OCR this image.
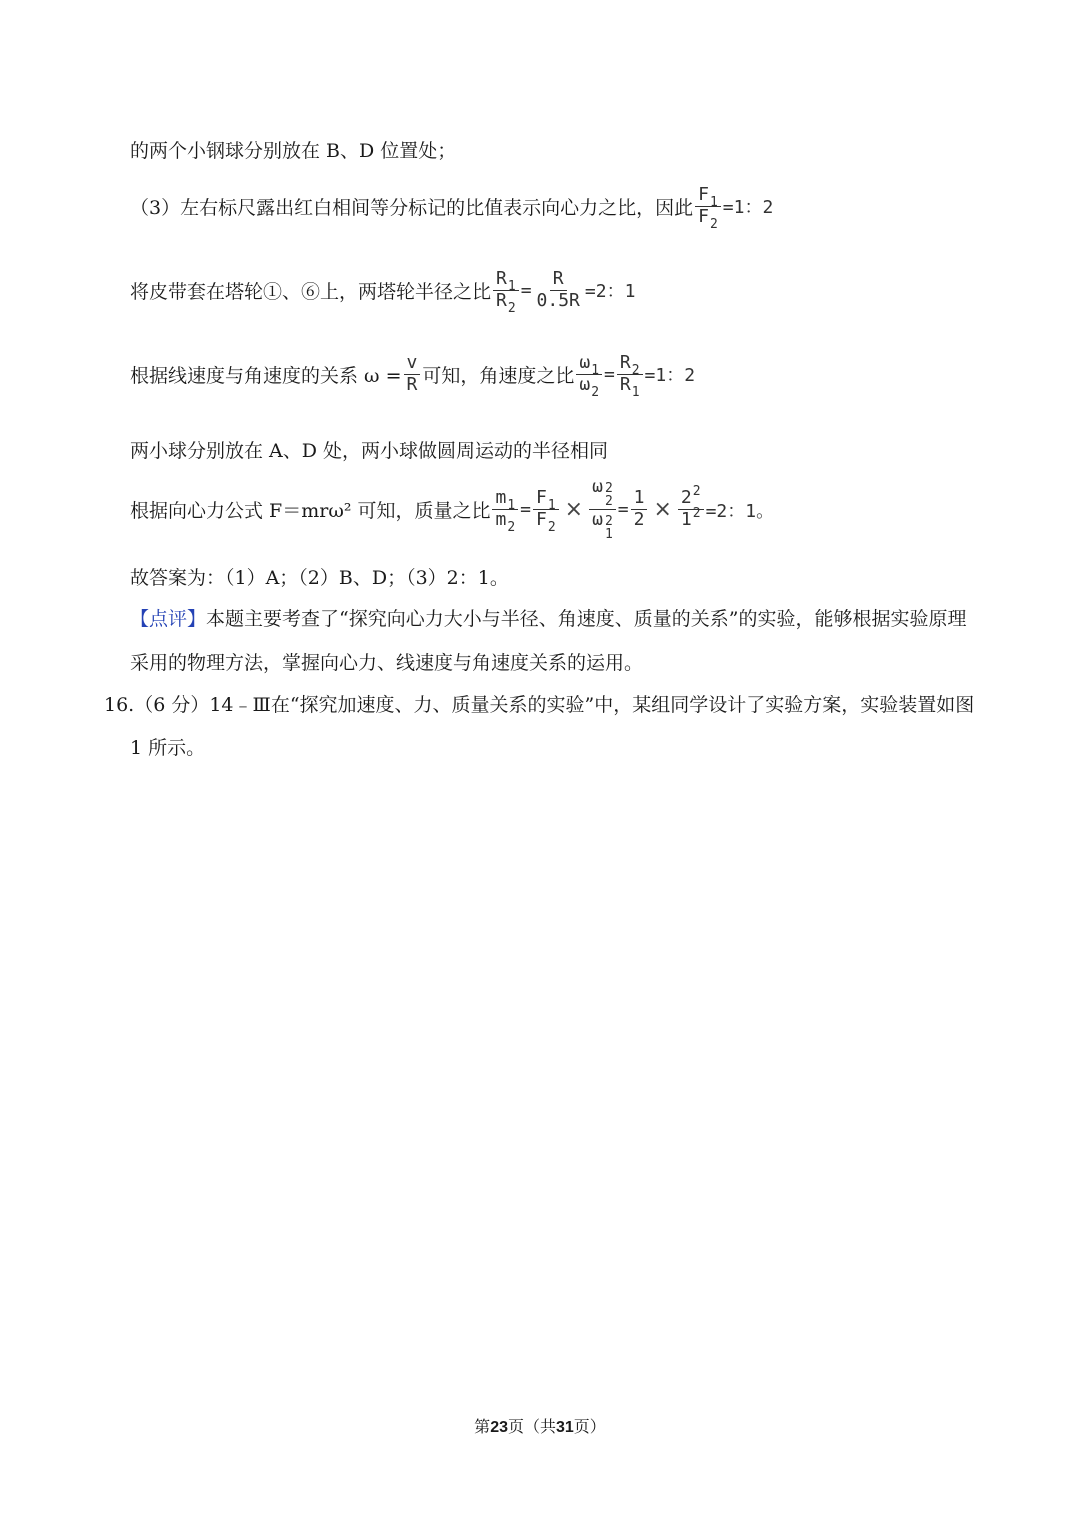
的两个小钢球分别放在 B、D 位置处；
（3）左右标尺露出红白相间等分标记的比值表示向心力之比，因此 $\frac{F_1}{F_2} =1$：2
将皮带套在塔轮①、⑥上，两塔轮半径之比 $\frac{R_1}{R_2} = \frac{R}{0.5R} =2$：1
根据线速度与角速度的关系 $\omega = \frac{v}{R}$ 可知，角速度之比 $\frac{\omega_1}{\omega_2} = \frac{R_2}{R_1} =1$：2
两小球分别放在 A、D 处，两小球做圆周运动的半径相同
根据向心力公式 F＝mrω² 可知，质量之比 $\frac{m_1}{m_2} = \frac{F_1}{F_2} \times \omega$ 2
2
ω 2
$1 = \frac{1}{2} \times \frac{2^2}{1^2} =2$：1。
故答案为：（1）A；（2）B、D；（3）2：1。
【点评】 本题主要考查了“探究向心力大小与半径、角速度、质量的关系”的实验，能够根据实验原理
采用的物理方法，掌握向心力、线速度与角速度关系的运用。
16.（6 分）14﹣Ⅲ在“探究加速度、力、质量关系的实验”中，某组同学设计了实验方案，实验装置如图
1 所示。
第23页（共31页）
